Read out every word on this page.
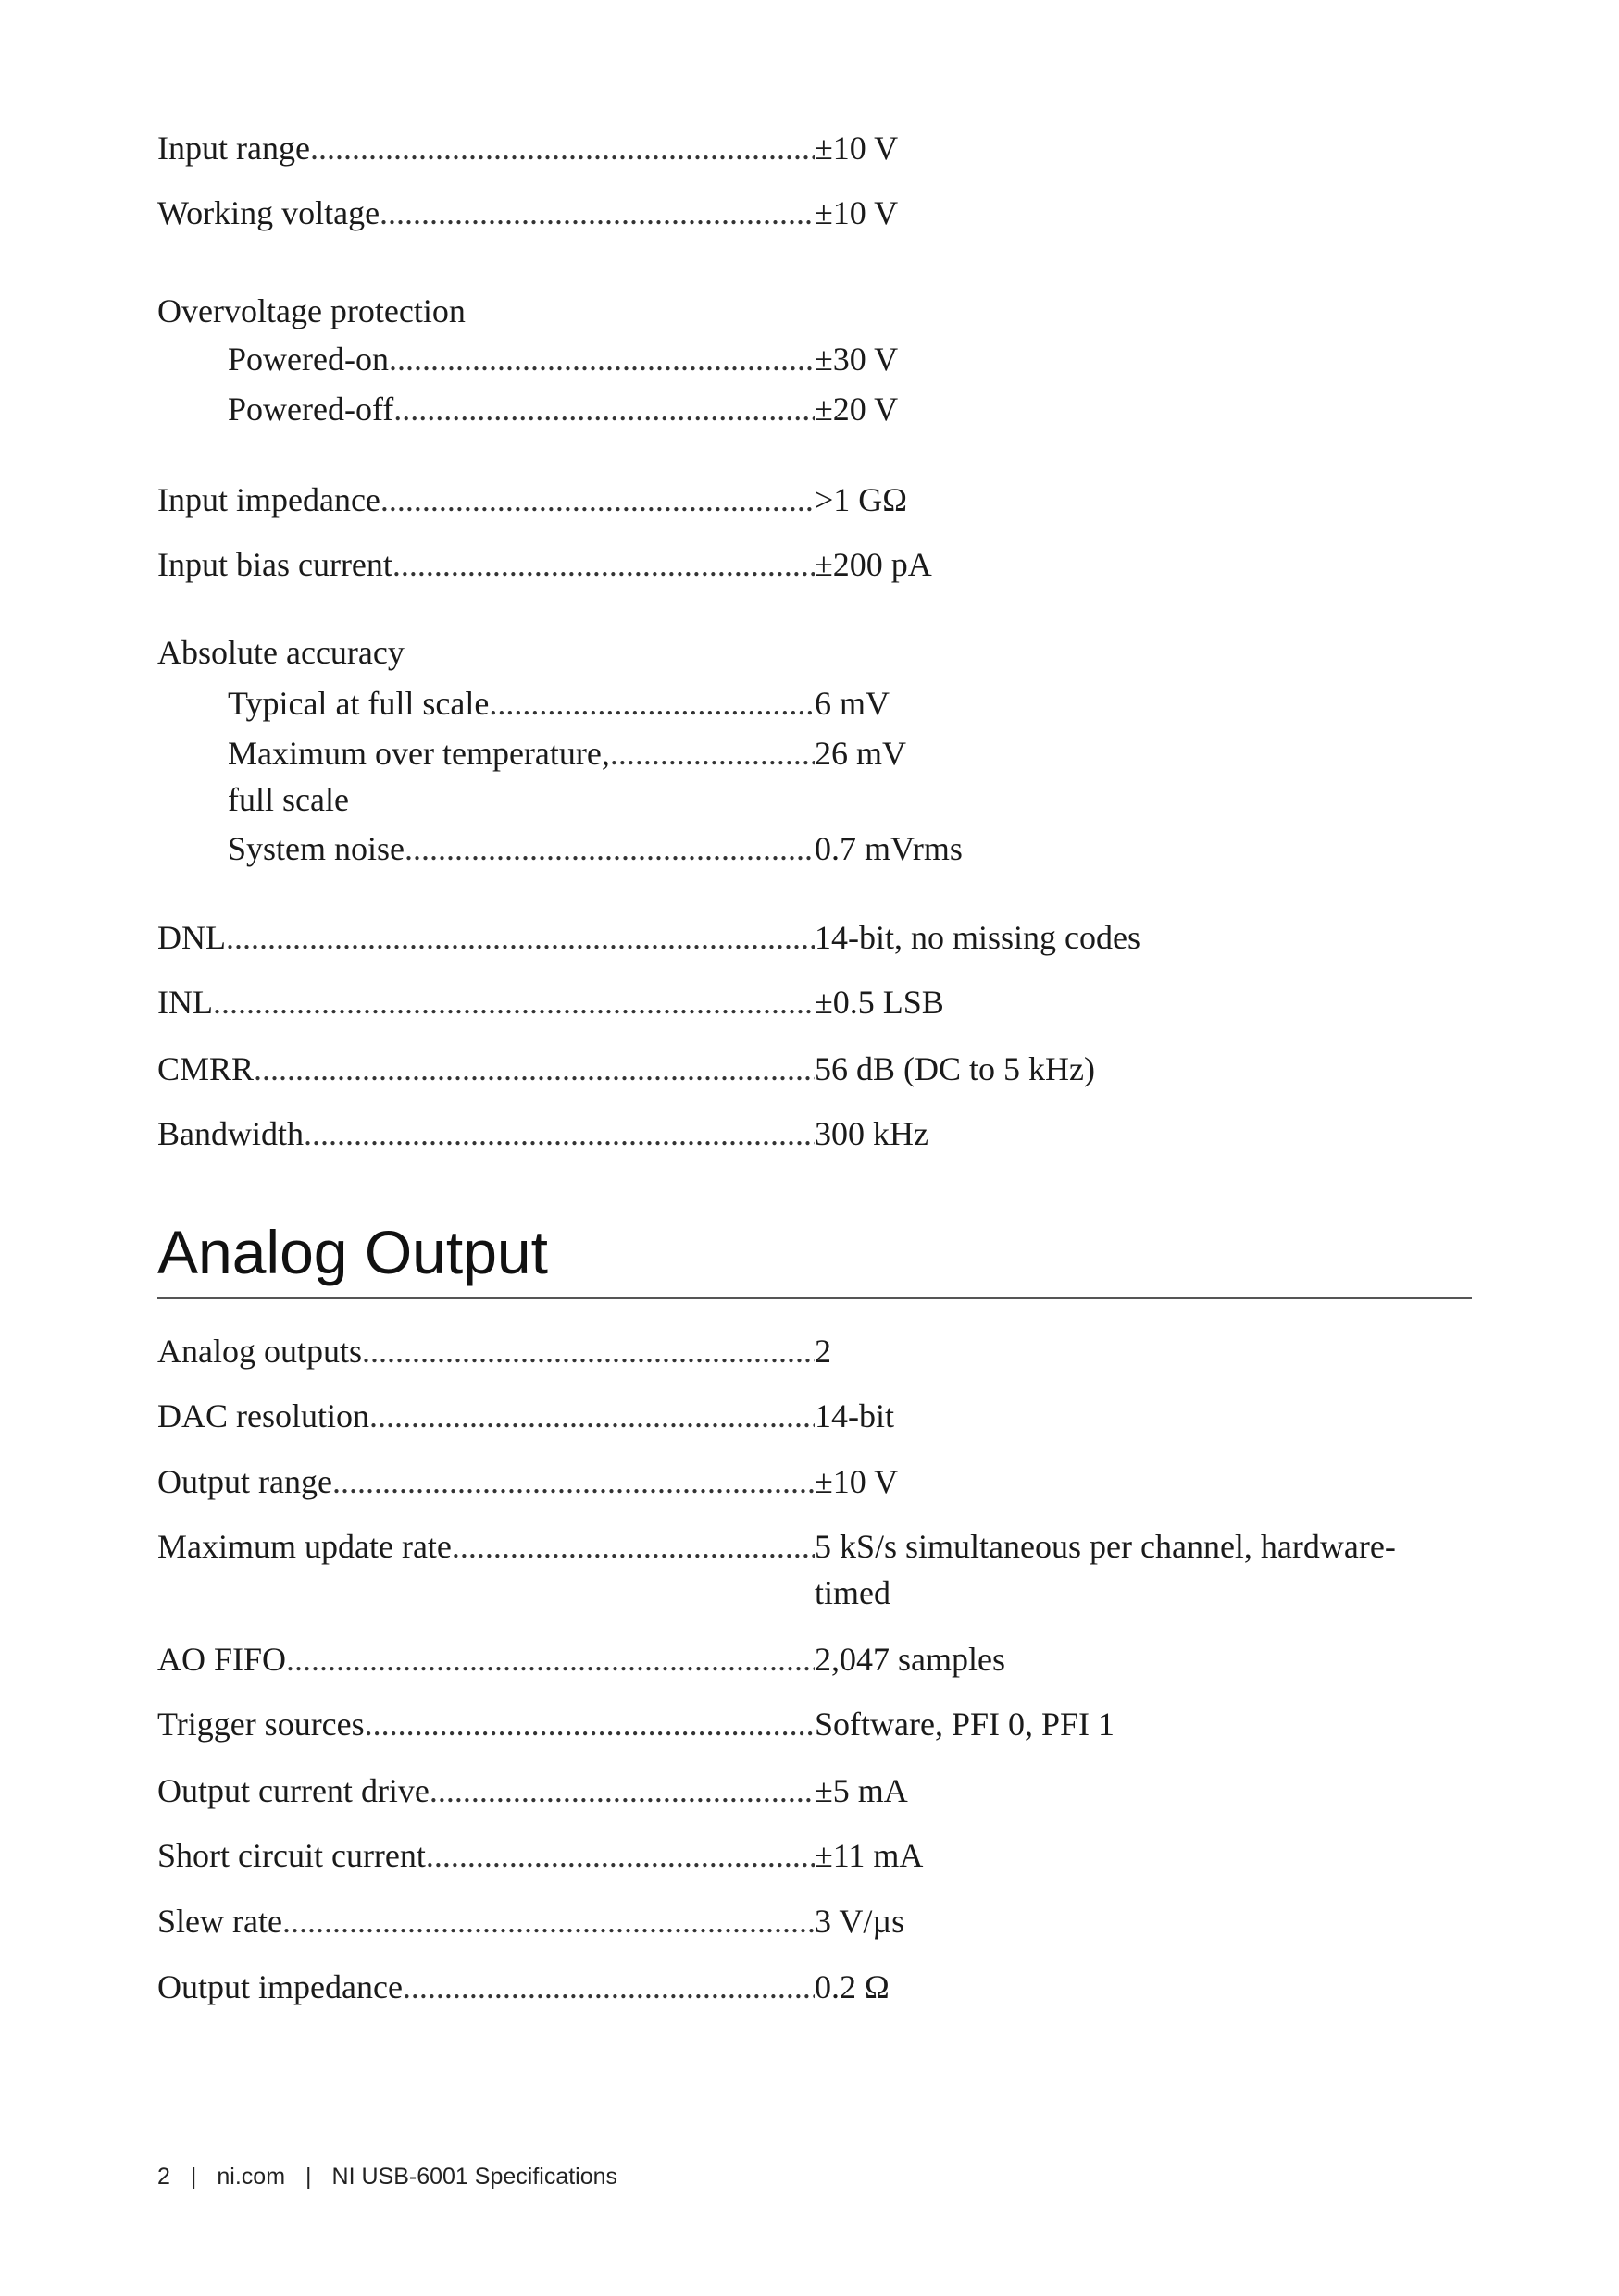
Input range .....	±10 V
Working voltage .....	±10 V
Overvoltage protection
Powered-on .....	±30 V
Powered-off .....	±20 V
Input impedance .....	>1 GΩ
Input bias current .....	±200 pA
Absolute accuracy
Typical at full scale .....	6 mV
Maximum over temperature, .....	26 mV
full scale
System noise .....	0.7 mVrms
DNL .....	14-bit, no missing codes
INL .....	±0.5 LSB
CMRR .....	56 dB (DC to 5 kHz)
Bandwidth .....	300 kHz
Analog Output
Analog outputs .....	2
DAC resolution .....	14-bit
Output range .....	±10 V
Maximum update rate .....	5 kS/s simultaneous per channel, hardware-timed
AO FIFO .....	2,047 samples
Trigger sources .....	Software, PFI 0, PFI 1
Output current drive .....	±5 mA
Short circuit current .....	±11 mA
Slew rate .....	3 V/µs
Output impedance .....	0.2 Ω
2 | ni.com | NI USB-6001 Specifications
